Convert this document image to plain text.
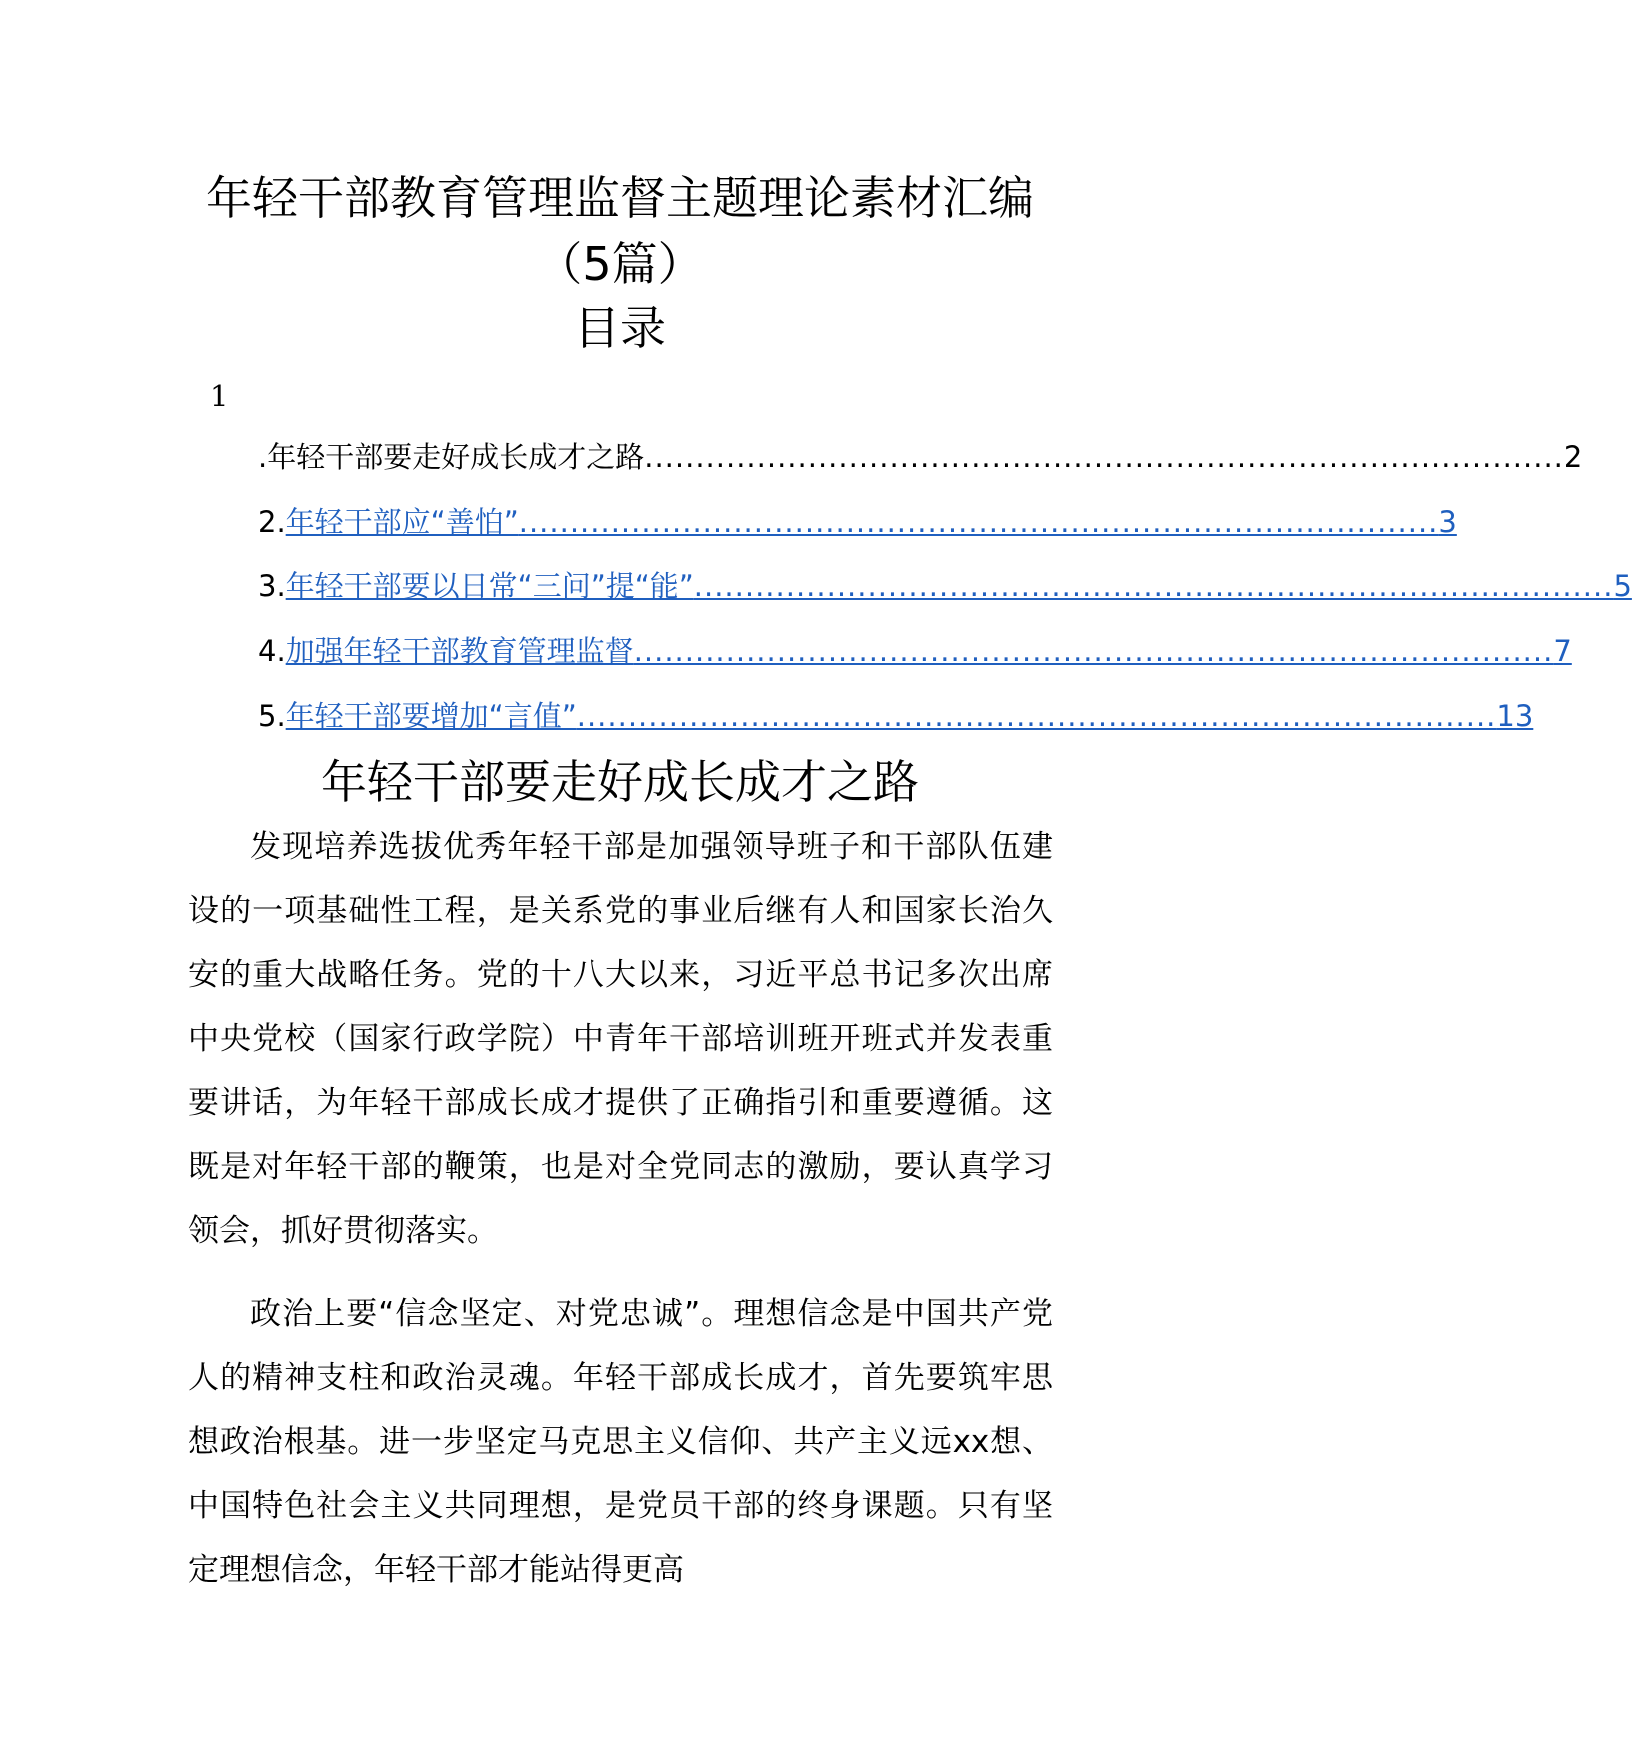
年轻干部教育管理监督主题理论素材汇编
（5篇）
目录
1
. 年轻干部要走好成长成才之路 .......................................................................................... 2
2. 年轻干部应“善怕” .......................................................................................... 3
3. 年轻干部要以日常“三问”提“能” .......................................................................................... 5
4. 加强年轻干部教育管理监督 .......................................................................................... 7
5. 年轻干部要增加“言值” .......................................................................................... 13
年轻干部要走好成长成才之路

发现培养选拔优秀年轻干部是加强领导班子和干部队伍建设的一项基础性工程，是关系党的事业后继有人和国家长治久安的重大战略任务。党的十八大以来，习近平总书记多次出席中央党校（国家行政学院）中青年干部培训班开班式并发表重要讲话，为年轻干部成长成才提供了正确指引和重要遵循。这既是对年轻干部的鞭策，也是对全党同志的激励，要认真学习领会，抓好贯彻落实。

政治上要“信念坚定、对党忠诚”。理想信念是中国共产党人的精神支柱和政治灵魂。年轻干部成长成才，首先要筑牢思想政治根基。进一步坚定马克思主义信仰、共产主义远xx想、中国特色社会主义共同理想，是党员干部的终身课题。只有坚定理想信念，年轻干部才能站得更高
